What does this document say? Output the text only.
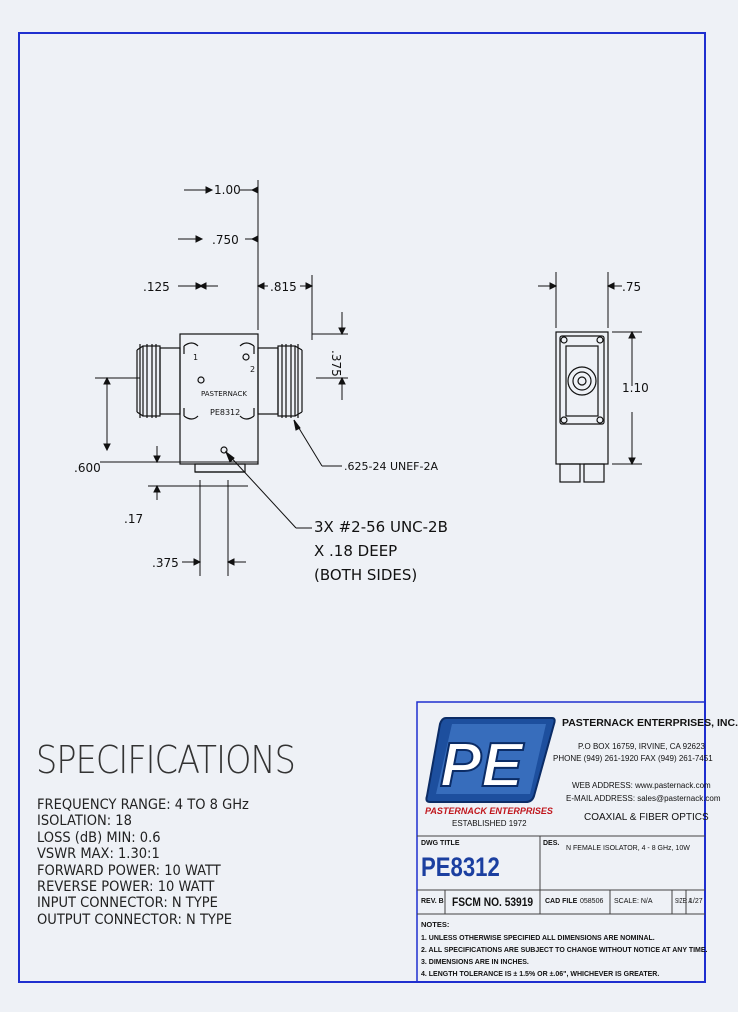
1.00
.750
.125	.815
.375
.600
.17
.375
.75
1.10
PASTERNACK
PE8312
1
2
.625-24 UNEF-2A
3X #2-56 UNC-2B
X .18 DEEP
(BOTH SIDES)
PE
PASTERNACK ENTERPRISES
ESTABLISHED 1972
PASTERNACK ENTERPRISES, INC.
P.O BOX 16759, IRVINE, CA 92623
PHONE (949) 261-1920 FAX (949) 261-7451
WEB ADDRESS: www.pasternack.com
E-MAIL ADDRESS: sales@pasternack.com
COAXIAL & FIBER OPTICS
DWG TITLE
PE8312
DES.
N FEMALE ISOLATOR, 4 - 8 GHz, 10W
REV. B FSCM NO. 53919 CAD FILE 058506 SCALE: N/A	SIZE: A
1/27
NOTES:
1. UNLESS OTHERWISE SPECIFIED ALL DIMENSIONS ARE NOMINAL.
2. ALL SPECIFICATIONS ARE SUBJECT TO CHANGE WITHOUT NOTICE AT ANY TIME.
3. DIMENSIONS ARE IN INCHES.
4. LENGTH TOLERANCE IS ± 1.5% OR ±.06", WHICHEVER IS GREATER.
SPECIFICATIONS
FREQUENCY RANGE: 4 TO 8 GHz
ISOLATION: 18
LOSS (dB) MIN: 0.6
VSWR MAX: 1.30:1
FORWARD POWER: 10 WATT
REVERSE POWER: 10 WATT
INPUT CONNECTOR: N TYPE
OUTPUT CONNECTOR: N TYPE
